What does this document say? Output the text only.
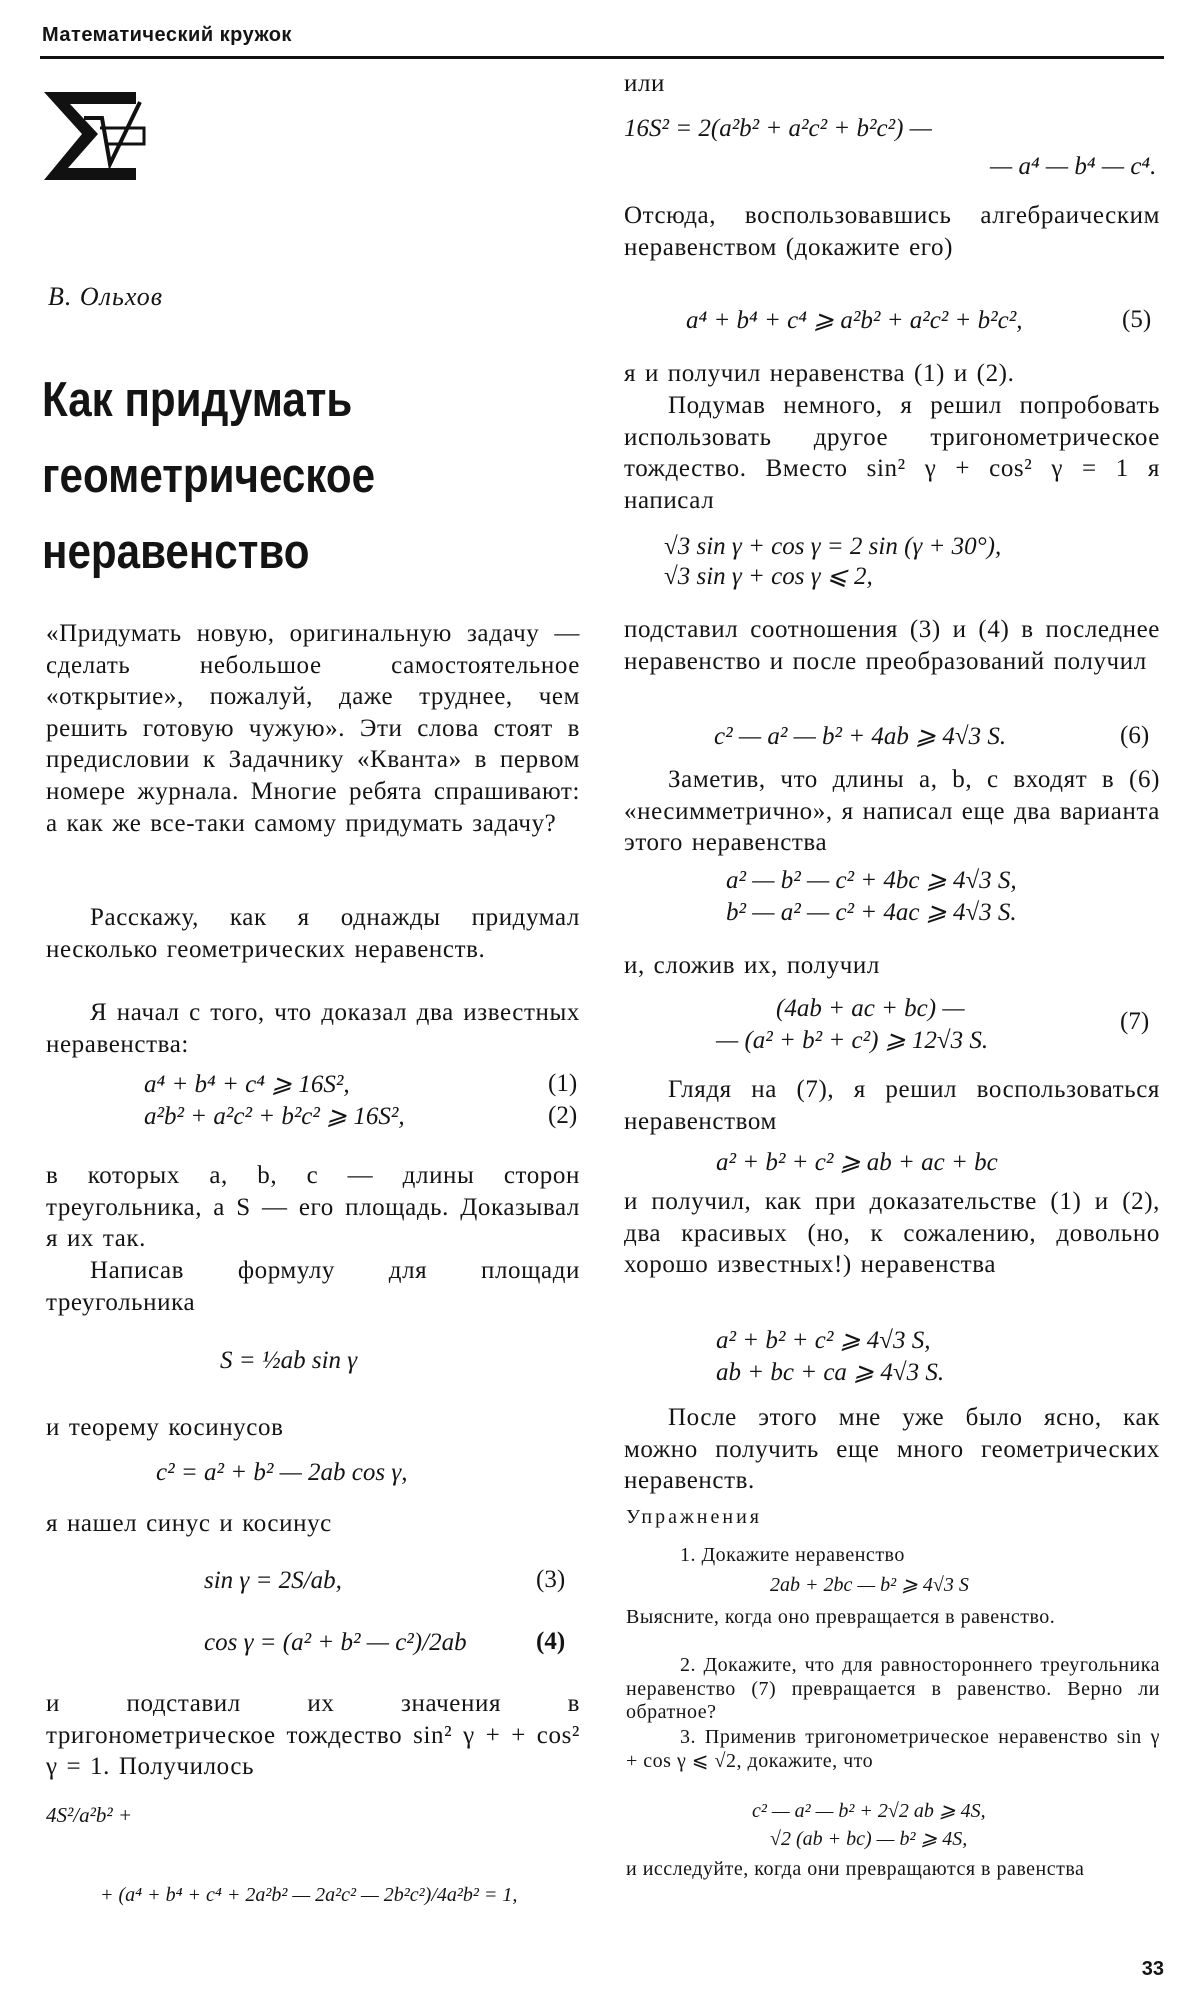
Математический кружок
В. Ольхов
Как придумать
геометрическое
неравенство
«Придумать новую, оригинальную задачу — сделать небольшое самостоятельное «открытие», пожалуй, даже труднее, чем решить готовую чужую». Эти слова стоят в предисловии к Задачнику «Кванта» в первом номере журнала. Многие ребята спрашивают: а как же все-таки самому придумать задачу?
Расскажу, как я однажды придумал несколько геометрических неравенств.
Я начал с того, что доказал два известных неравенства:
a⁴ + b⁴ + c⁴ ⩾ 16S²,	(1)
a²b² + a²c² + b²c² ⩾ 16S²,	(2)
в которых a, b, c — длины сторон треугольника, a S — его площадь. Доказывал я их так.
Написав формулу для площади треугольника
S = ½ab sin γ
и теорему косинусов
c² = a² + b² — 2ab cos γ,
я нашел синус и косинус
sin γ = 2S/ab,	(3)
cos γ = (a² + b² — c²)/2ab	(4)
и подставил их значения в тригонометрическое тождество sin² γ + + cos² γ = 1. Получилось
4S²/a²b² +
+ (a⁴ + b⁴ + c⁴ + 2a²b² — 2a²c² — 2b²c²)/4a²b² = 1,
или
16S² = 2(a²b² + a²c² + b²c²) —
— a⁴ — b⁴ — c⁴.
Отсюда, воспользовавшись алгебраическим неравенством (докажите его)
a⁴ + b⁴ + c⁴ ⩾ a²b² + a²c² + b²c²,	(5)
я и получил неравенства (1) и (2).
Подумав немного, я решил попробовать использовать другое тригонометрическое тождество. Вместо sin² γ + cos² γ = 1 я написал
√3 sin γ + cos γ = 2 sin (γ + 30°),
√3 sin γ + cos γ ⩽ 2,
подставил соотношения (3) и (4) в последнее неравенство и после преобразований получил
c² — a² — b² + 4ab ⩾ 4√3 S.	(6)
Заметив, что длины a, b, c входят в (6) «несимметрично», я написал еще два варианта этого неравенства
a² — b² — c² + 4bc ⩾ 4√3 S,
b² — a² — c² + 4ac ⩾ 4√3 S.
и, сложив их, получил
(4ab + ac + bc) —
— (a² + b² + c²) ⩾ 12√3 S.
(7)
Глядя на (7), я решил воспользоваться неравенством
a² + b² + c² ⩾ ab + ac + bc
и получил, как при доказательстве (1) и (2), два красивых (но, к сожалению, довольно хорошо известных!) неравенства
a² + b² + c² ⩾ 4√3 S,
ab + bc + ca ⩾ 4√3 S.
После этого мне уже было ясно, как можно получить еще много геометрических неравенств.
Упражнения
1. Докажите неравенство
2ab + 2bc — b² ⩾ 4√3 S
Выясните, когда оно превращается в равенство.
2. Докажите, что для равностороннего треугольника неравенство (7) превращается в равенство. Верно ли обратное?
3. Применив тригонометрическое неравенство sin γ + cos γ ⩽ √2, докажите, что
c² — a² — b² + 2√2 ab ⩾ 4S,
√2 (ab + bc) — b² ⩾ 4S,
и исследуйте, когда они превращаются в равенства
33
